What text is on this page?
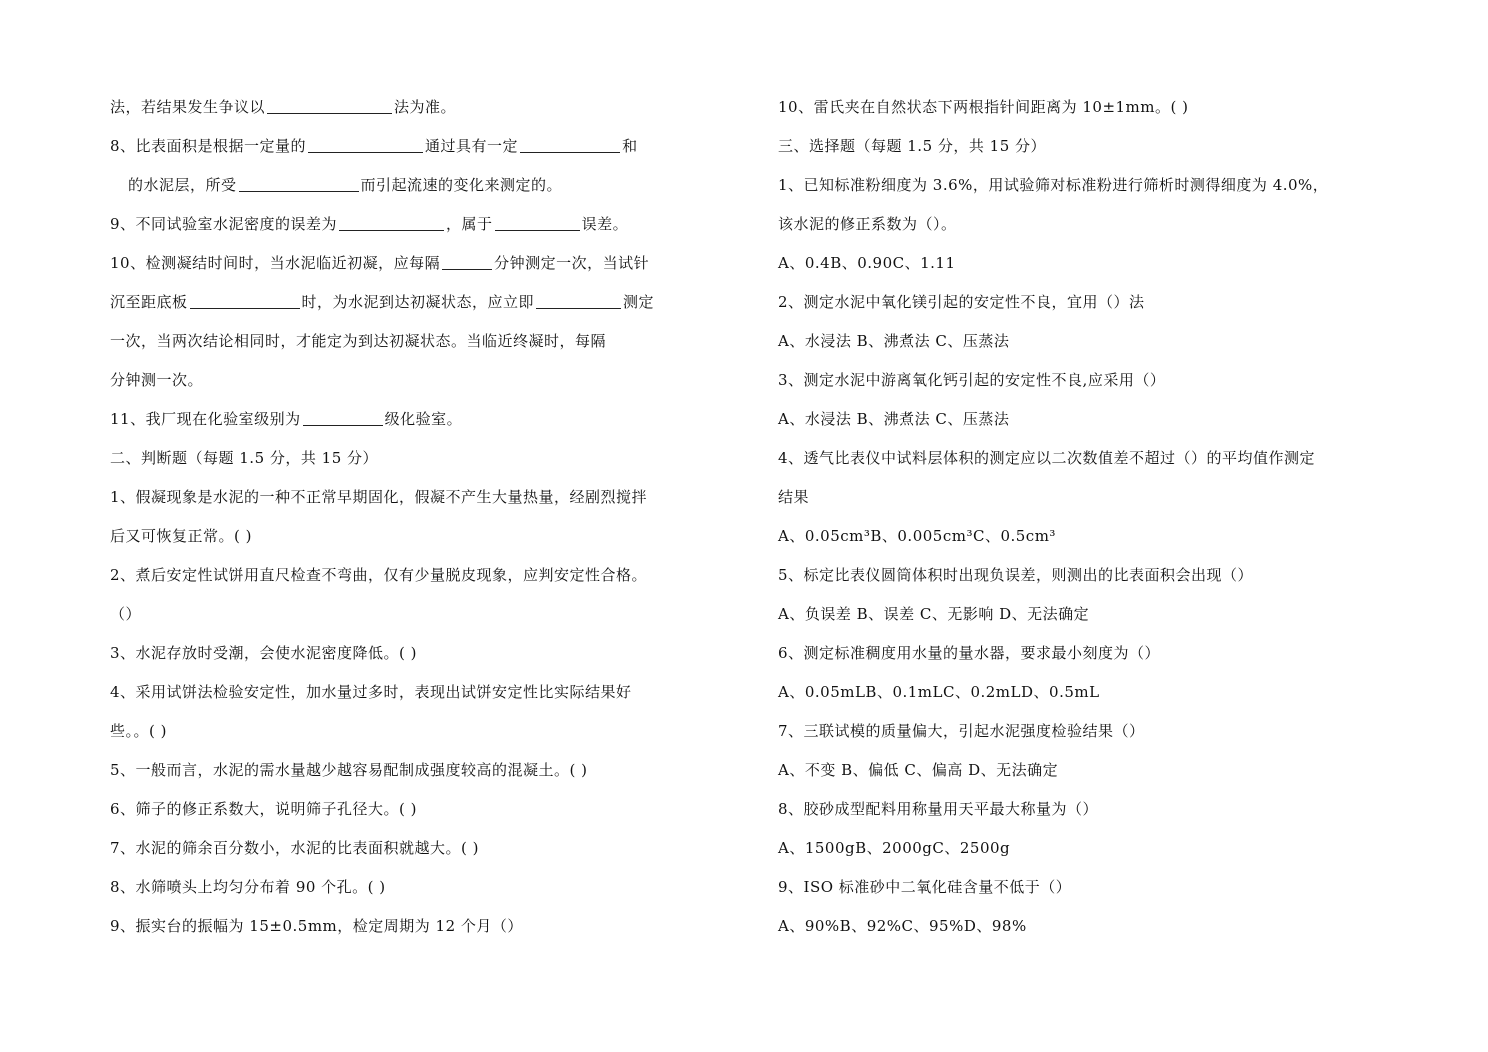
法，若结果发生争议以	法为准。
8、比表面积是根据一定量的	通过具有一定	和
的水泥层，所受	而引起流速的变化来测定的。
9、不同试验室水泥密度的误差为	，属于	误差。
10、检测凝结时间时，当水泥临近初凝，应每隔	分钟测定一次，当试针
沉至距底板	时，为水泥到达初凝状态，应立即	测定
一次，当两次结论相同时，才能定为到达初凝状态。当临近终凝时，每隔
分钟测一次。
11、我厂现在化验室级别为	级化验室。
二、判断题（每题 1.5 分，共 15 分）
1、假凝现象是水泥的一种不正常早期固化，假凝不产生大量热量，经剧烈搅拌
后又可恢复正常。( )
2、煮后安定性试饼用直尺检查不弯曲，仅有少量脱皮现象，应判安定性合格。
（）
3、水泥存放时受潮，会使水泥密度降低。( )
4、采用试饼法检验安定性，加水量过多时，表现出试饼安定性比实际结果好
些。。( )
5、一般而言，水泥的需水量越少越容易配制成强度较高的混凝土。( )
6、筛子的修正系数大，说明筛子孔径大。( )
7、水泥的筛余百分数小，水泥的比表面积就越大。( )
8、水筛喷头上均匀分布着 90 个孔。( )
9、振实台的振幅为 15±0.5mm，检定周期为 12 个月（）
10、雷氏夹在自然状态下两根指针间距离为 10±1mm。( )
三、选择题（每题 1.5 分，共 15 分）
1、已知标准粉细度为 3.6%，用试验筛对标准粉进行筛析时测得细度为 4.0%，
该水泥的修正系数为（）。
A、0.4B、0.90C、1.11
2、测定水泥中氧化镁引起的安定性不良，宜用（）法
A、水浸法 B、沸煮法 C、压蒸法
3、测定水泥中游离氧化钙引起的安定性不良,应采用（）
A、水浸法 B、沸煮法 C、压蒸法
4、透气比表仪中试料层体积的测定应以二次数值差不超过（）的平均值作测定
结果
A、0.05cm³B、0.005cm³C、0.5cm³
5、标定比表仪圆筒体积时出现负误差，则测出的比表面积会出现（）
A、负误差 B、误差 C、无影响 D、无法确定
6、测定标准稠度用水量的量水器，要求最小刻度为（）
A、0.05mLB、0.1mLC、0.2mLD、0.5mL
7、三联试模的质量偏大，引起水泥强度检验结果（）
A、不变 B、偏低 C、偏高 D、无法确定
8、胶砂成型配料用称量用天平最大称量为（）
A、1500gB、2000gC、2500g
9、ISO 标准砂中二氧化硅含量不低于（）
A、90%B、92%C、95%D、98%
